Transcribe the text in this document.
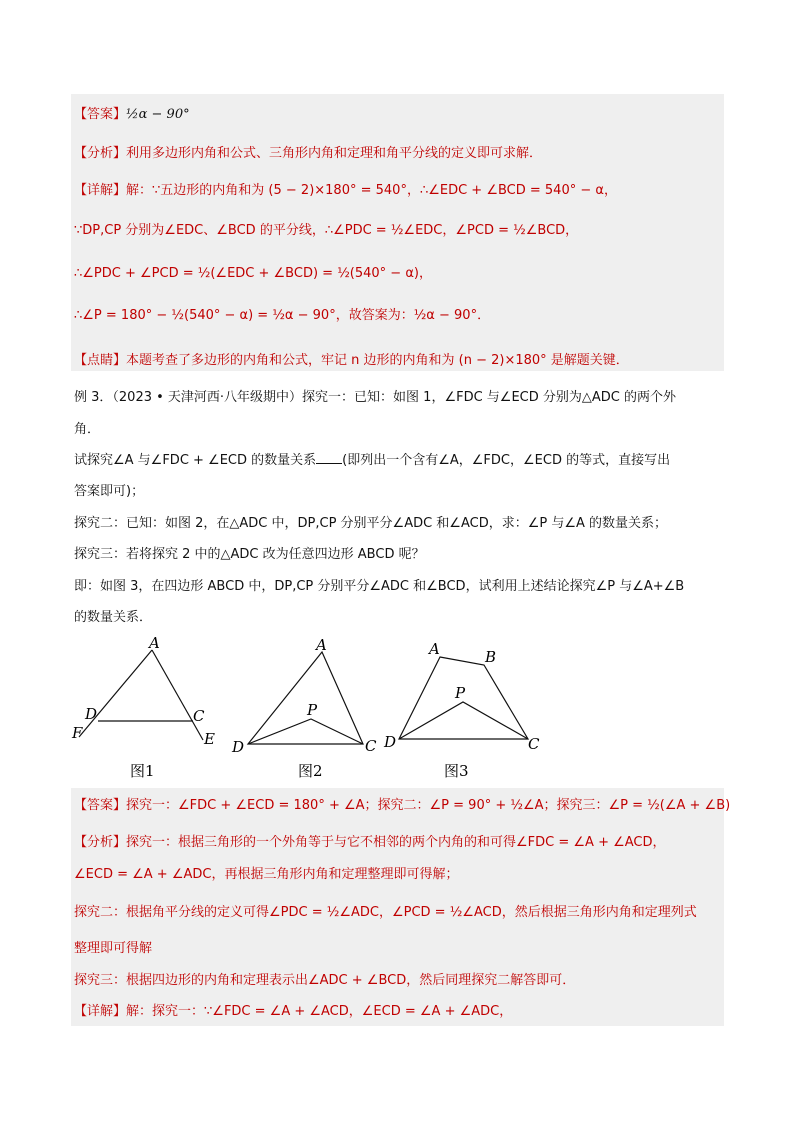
【答案】½α − 90°
【分析】利用多边形内角和公式、三角形内角和定理和角平分线的定义即可求解．
【详解】解：∵五边形的内角和为 (5 − 2)×180° = 540°，∴∠EDC + ∠BCD = 540° − α，
∵DP,CP 分别为∠EDC、∠BCD 的平分线，∴∠PDC = ½∠EDC，∠PCD = ½∠BCD，
∴∠PDC + ∠PCD = ½(∠EDC + ∠BCD) = ½(540° − α)，
∴∠P = 180° − ½(540° − α) = ½α − 90°，故答案为：½α − 90°．
【点睛】本题考查了多边形的内角和公式，牢记 n 边形的内角和为 (n − 2)×180° 是解题关键．
例 3．（2023 • 天津河西·八年级期中）探究一：已知：如图 1，∠FDC 与∠ECD 分别为△ADC 的两个外
角．
试探究∠A 与∠FDC + ∠ECD 的数量关系 (即列出一个含有∠A，∠FDC，∠ECD 的等式，直接写出
答案即可)；
探究二：已知：如图 2，在△ADC 中，DP,CP 分别平分∠ADC 和∠ACD，求：∠P 与∠A 的数量关系；
探究三：若将探究 2 中的△ADC 改为任意四边形 ABCD 呢？
即：如图 3，在四边形 ABCD 中，DP,CP 分别平分∠ADC 和∠BCD，试利用上述结论探究∠P 与∠A+∠B
的数量关系．
A
D	C
F	E
图1
A
P
D	C
图2
A	B
P
D	C
图3
【答案】探究一：∠FDC + ∠ECD = 180° + ∠A；探究二：∠P = 90° + ½∠A；探究三：∠P = ½(∠A + ∠B)
【分析】探究一：根据三角形的一个外角等于与它不相邻的两个内角的和可得∠FDC = ∠A + ∠ACD，
∠ECD = ∠A + ∠ADC，再根据三角形内角和定理整理即可得解；
探究二：根据角平分线的定义可得∠PDC = ½∠ADC，∠PCD = ½∠ACD，然后根据三角形内角和定理列式
整理即可得解
探究三：根据四边形的内角和定理表示出∠ADC + ∠BCD，然后同理探究二解答即可．
【详解】解：探究一：∵∠FDC = ∠A + ∠ACD，∠ECD = ∠A + ∠ADC，
